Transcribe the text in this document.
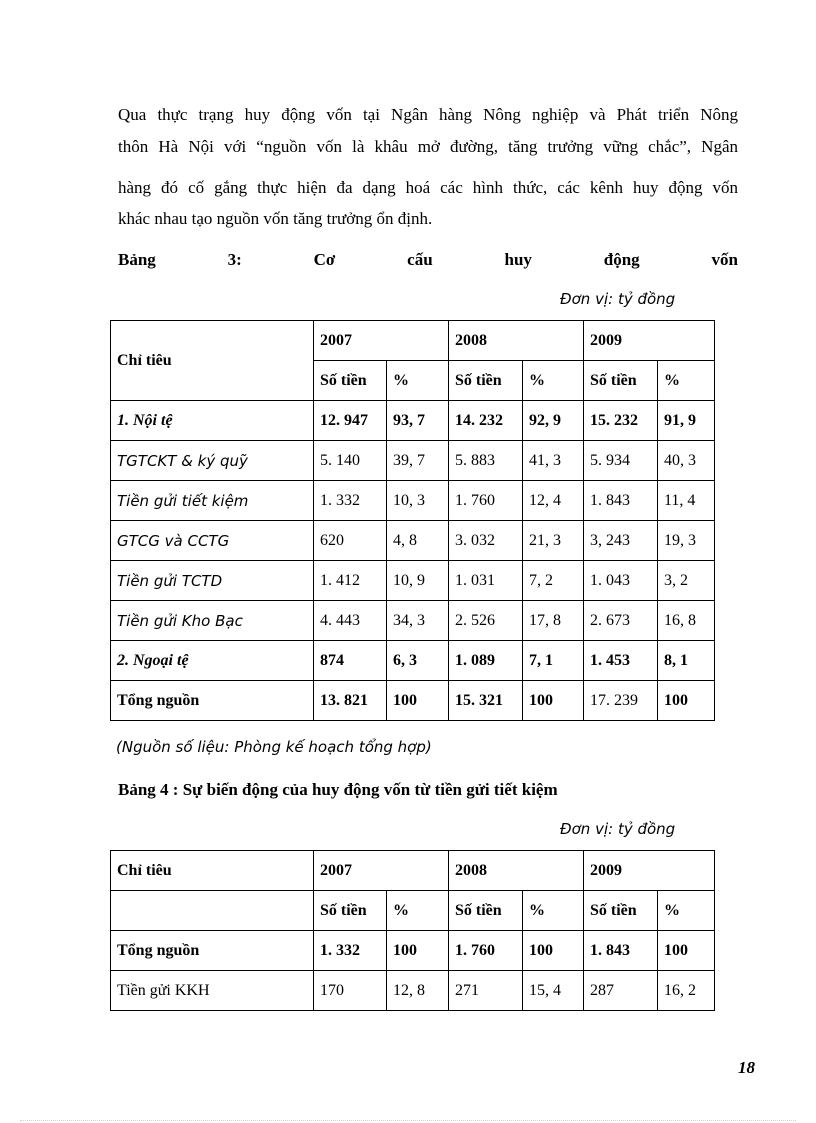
Qua thực trạng huy động vốn tại Ngân hàng Nông nghiệp và Phát triển Nông
thôn Hà Nội với “nguồn vốn là khâu mở đường, tăng trưởng vững chắc”, Ngân
hàng đó cố gắng thực hiện đa dạng hoá các hình thức, các kênh huy động vốn
khác nhau tạo nguồn vốn tăng trưởng ổn định.
Bảng	3:	Cơ	cấu	huy	động	vốn
Đơn vị: tỷ đồng
Chỉ tiêu	2007		2008		2009	
	Số tiền	%	Số tiền	%	Số tiền	%
1. Nội tệ	12. 947	93, 7	14. 232	92, 9	15. 232	91, 9
TGTCKT & ký quỹ	5. 140	39, 7	5. 883	41, 3	5. 934	40, 3
Tiền gửi tiết kiệm	1. 332	10, 3	1. 760	12, 4	1. 843	11, 4
GTCG và CCTG	620	4, 8	3. 032	21, 3	3, 243	19, 3
Tiền gửi TCTD	1. 412	10, 9	1. 031	7, 2	1. 043	3, 2
Tiền gửi Kho Bạc	4. 443	34, 3	2. 526	17, 8	2. 673	16, 8
2. Ngoại tệ	874	6, 3	1. 089	7, 1	1. 453	8, 1
Tổng nguồn	13. 821	100	15. 321	100	17. 239	100
(Nguồn số liệu: Phòng kế hoạch tổng hợp)
Bảng 4 : Sự biến động của huy động vốn từ tiền gửi tiết kiệm
Đơn vị: tỷ đồng
Chỉ tiêu	2007		2008		2009	
	Số tiền	%	Số tiền	%	Số tiền	%
Tổng nguồn	1. 332	100	1. 760	100	1. 843	100
Tiền gửi KKH	170	12, 8	271	15, 4	287	16, 2
18
